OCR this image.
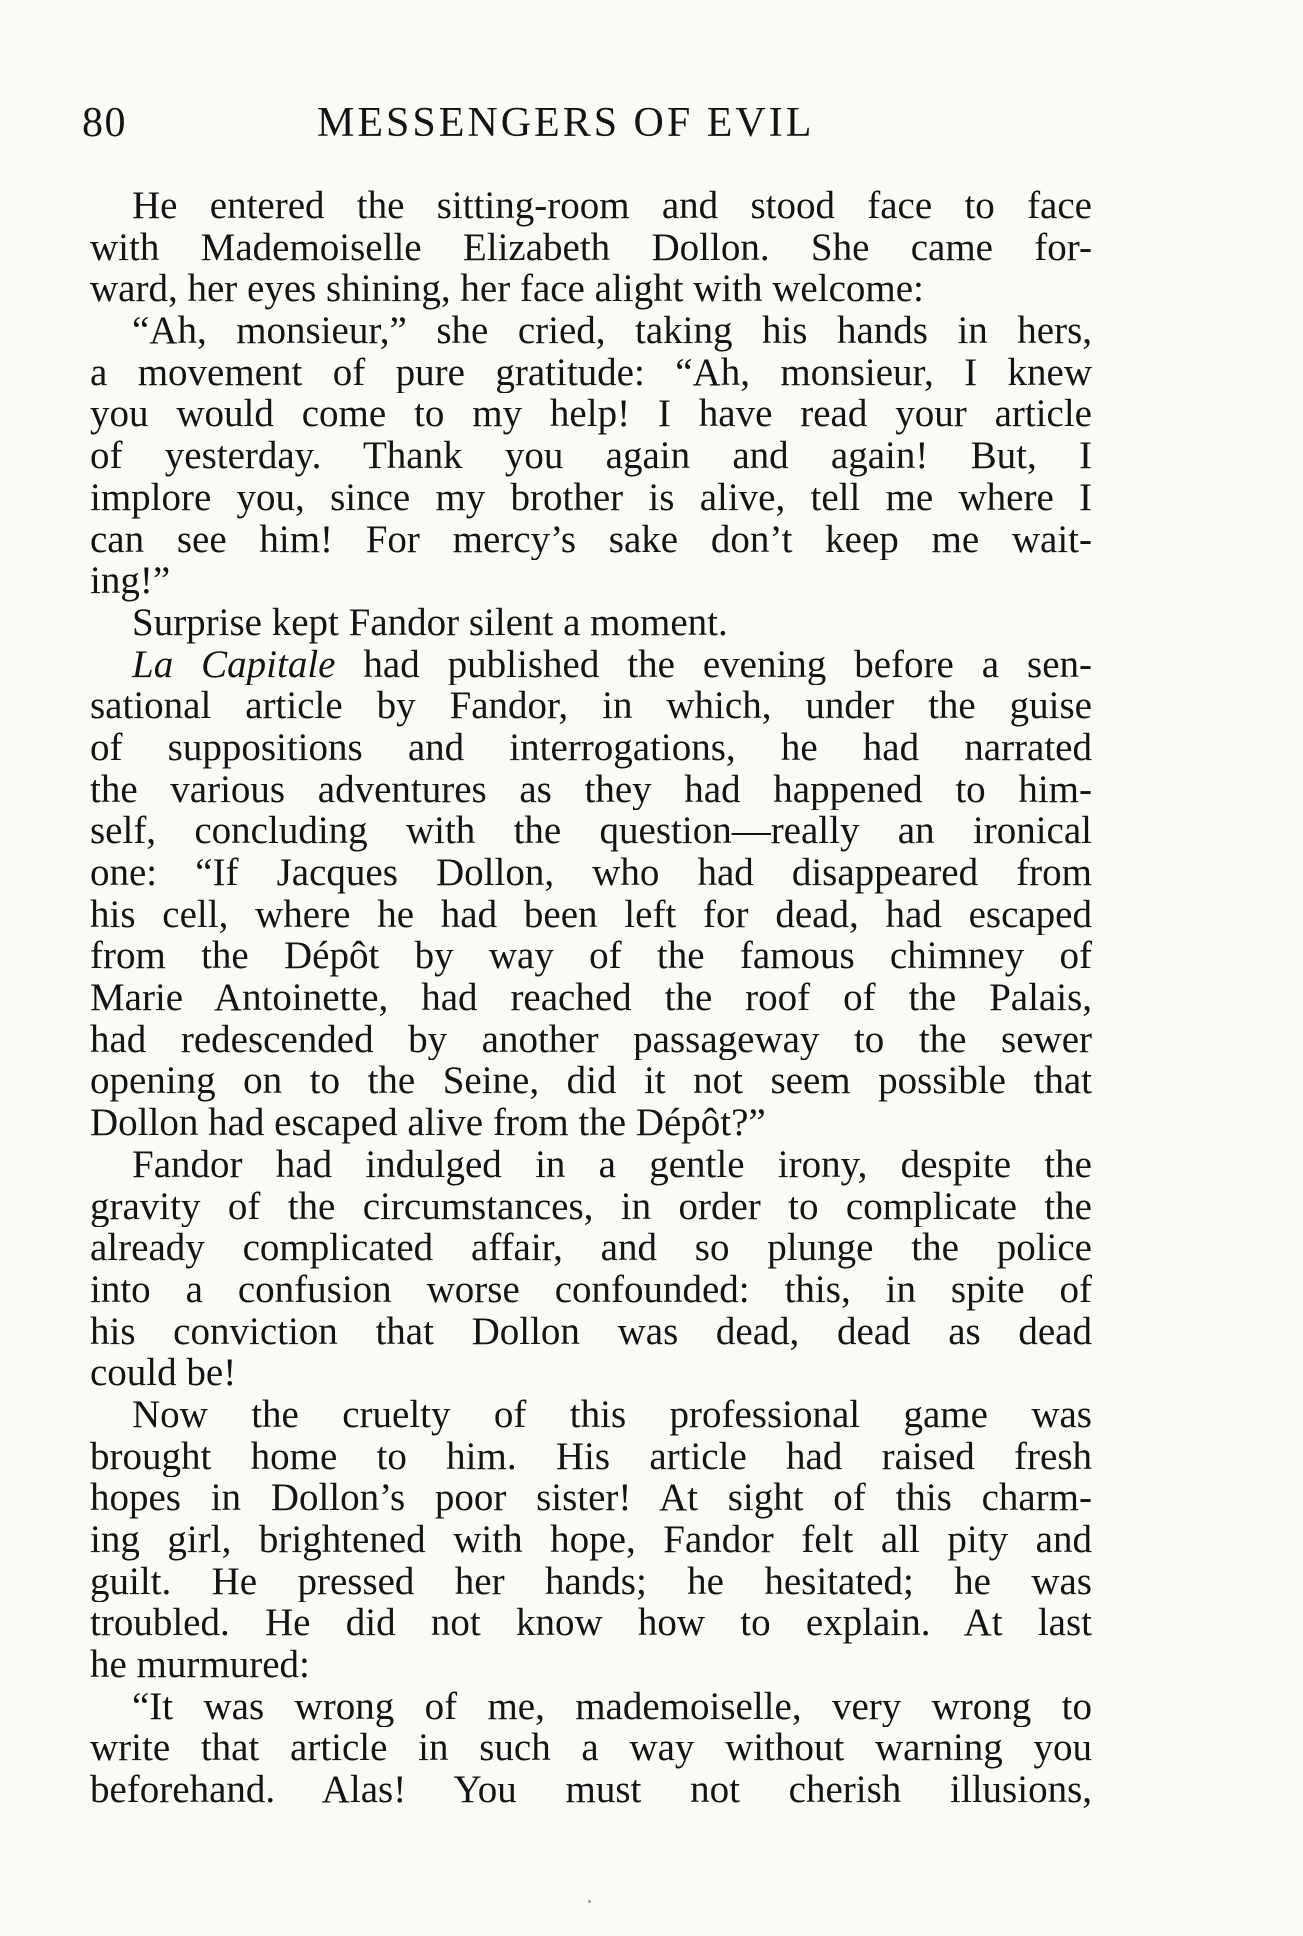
80	MESSENGERS OF EVIL
He entered the sitting-room and stood face to face
with Mademoiselle Elizabeth Dollon. She came for-
ward, her eyes shining, her face alight with welcome:
“Ah, monsieur,” she cried, taking his hands in hers,
a movement of pure gratitude: “Ah, monsieur, I knew
you would come to my help! I have read your article
of yesterday. Thank you again and again! But, I
implore you, since my brother is alive, tell me where I
can see him! For mercy’s sake don’t keep me wait-
ing!”
Surprise kept Fandor silent a moment.
La Capitale had published the evening before a sen-
sational article by Fandor, in which, under the guise
of suppositions and interrogations, he had narrated
the various adventures as they had happened to him-
self, concluding with the question—really an ironical
one: “If Jacques Dollon, who had disappeared from
his cell, where he had been left for dead, had escaped
from the Dépôt by way of the famous chimney of
Marie Antoinette, had reached the roof of the Palais,
had redescended by another passageway to the sewer
opening on to the Seine, did it not seem possible that
Dollon had escaped alive from the Dépôt?”
Fandor had indulged in a gentle irony, despite the
gravity of the circumstances, in order to complicate the
already complicated affair, and so plunge the police
into a confusion worse confounded: this, in spite of
his conviction that Dollon was dead, dead as dead
could be!
Now the cruelty of this professional game was
brought home to him. His article had raised fresh
hopes in Dollon’s poor sister! At sight of this charm-
ing girl, brightened with hope, Fandor felt all pity and
guilt. He pressed her hands; he hesitated; he was
troubled. He did not know how to explain. At last
he murmured:
“It was wrong of me, mademoiselle, very wrong to
write that article in such a way without warning you
beforehand. Alas! You must not cherish illusions,
